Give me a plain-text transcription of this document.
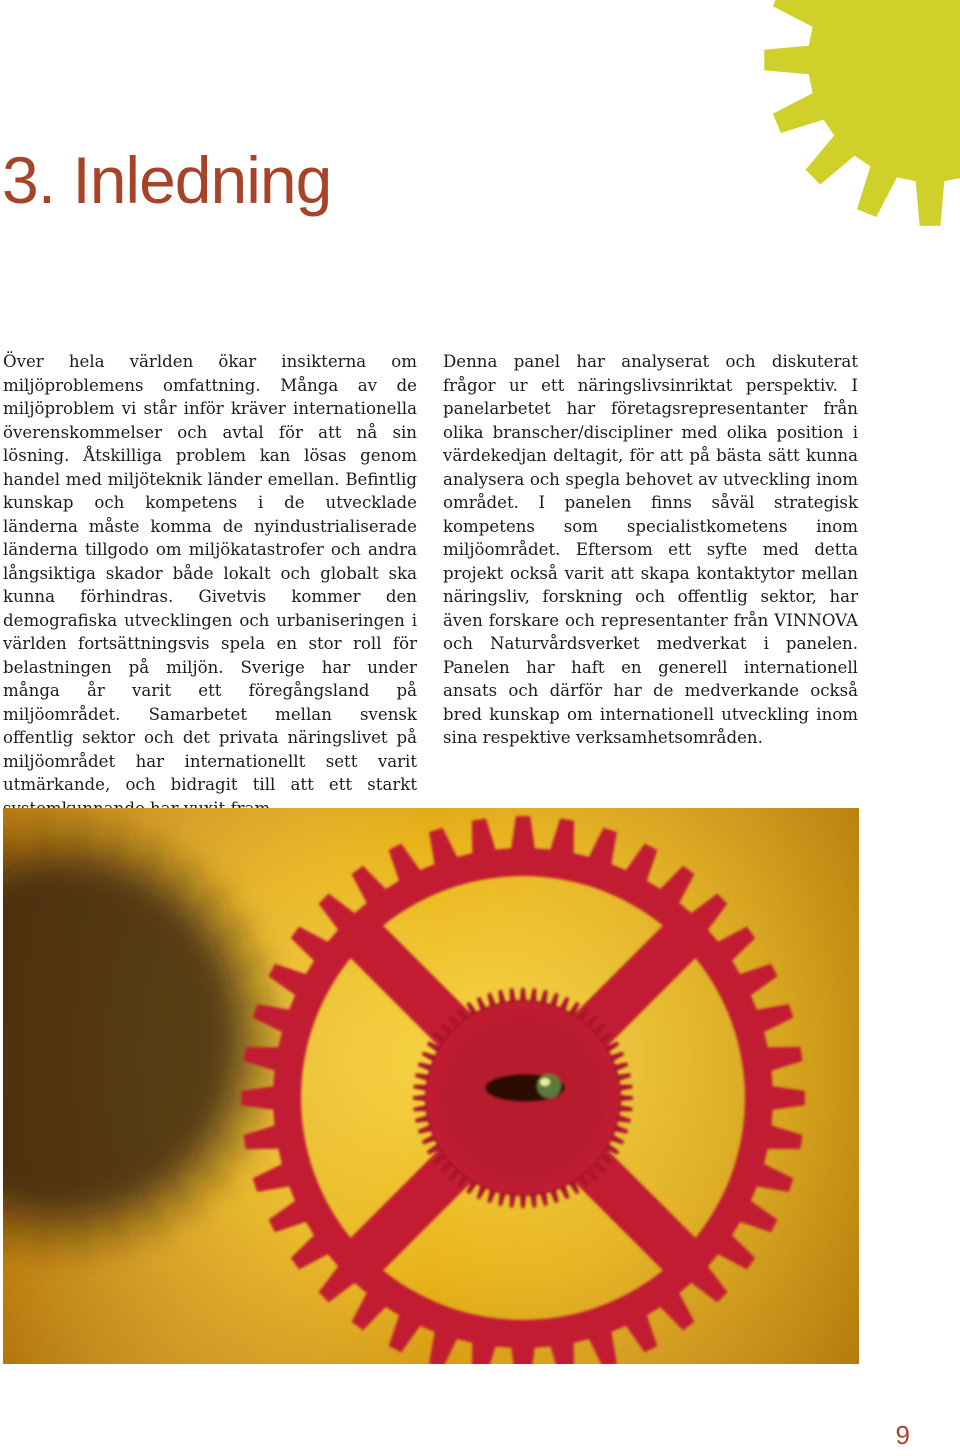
3. Inledning

Över hela världen ökar insikterna om miljöproblemens omfattning. Många av de miljöproblem vi står inför kräver internationella överenskommelser och avtal för att nå sin lösning. Åtskilliga problem kan lösas genom handel med miljöteknik länder emellan. Befintlig kunskap och kompetens i de utvecklade länderna måste komma de nyindustrialiserade länderna tillgodo om miljökatastrofer och andra långsiktiga skador både lokalt och globalt ska kunna förhindras. Givetvis kommer den demografiska utvecklingen och urbaniseringen i världen fortsättningsvis spela en stor roll för belastningen på miljön. Sverige har under många år varit ett föregångsland på miljöområdet. Samarbetet mellan svensk offentlig sektor och det privata näringslivet på miljöområdet har internationellt sett varit utmärkande, och bidragit till att ett starkt

Denna panel har analyserat och diskuterat frågor ur ett näringslivsinriktat perspektiv. I panelarbetet har företagsrepresentanter från olika branscher/discipliner med olika position i värdekedjan deltagit, för att på bästa sätt kunna analysera och spegla behovet av utveckling inom området. I panelen finns såväl strategisk kompetens som specialistkometens inom miljöområdet. Eftersom ett syfte med detta projekt också varit att skapa kontaktytor mellan näringsliv, forskning och offentlig sektor, har även forskare och representanter från VINNOVA och Naturvårdsverket medverkat i panelen. Panelen har haft en generell internationell ansats och därför har de medverkande också bred kunskap om internationell utveckling inom sina respektive verksamhetsområden.

9
